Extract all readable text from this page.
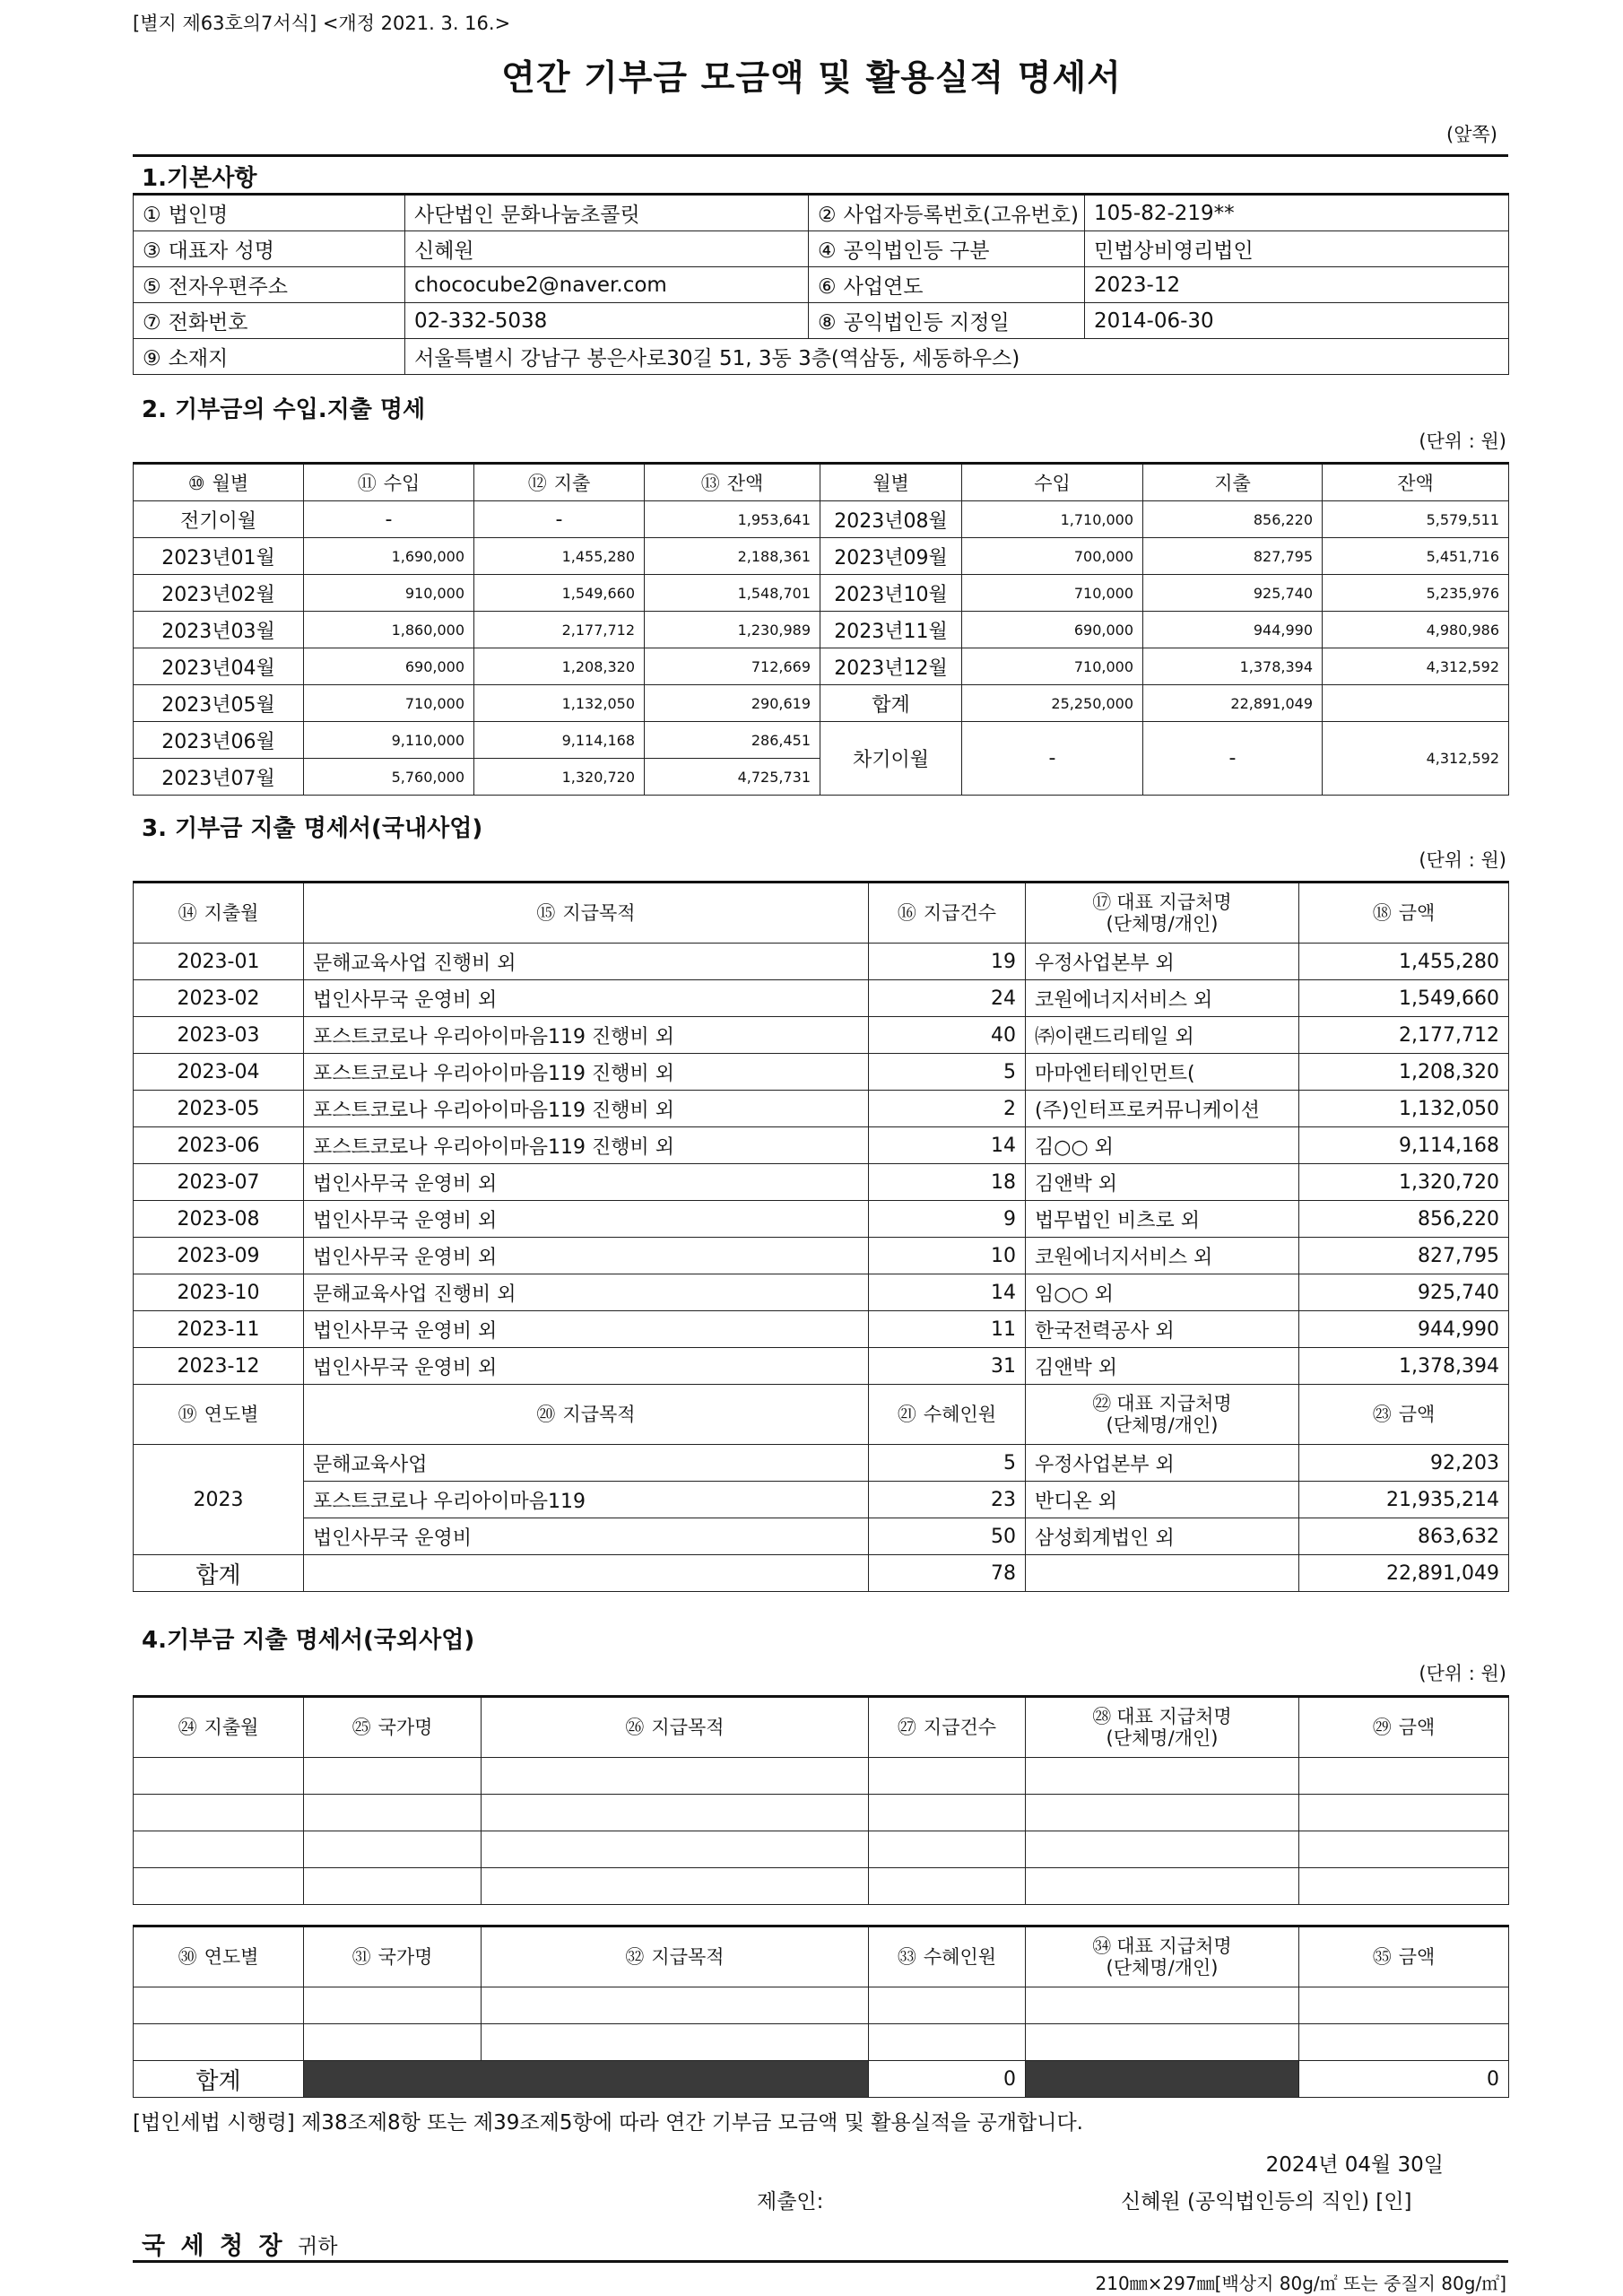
[별지 제63호의7서식] <개정 2021. 3. 16.>
연간 기부금 모금액 및 활용실적 명세서
(앞쪽)
1.기본사항
① 법인명	사단법인 문화나눔초콜릿	② 사업자등록번호(고유번호)	105-82-219**
③ 대표자 성명	신혜원	④ 공익법인등 구분	민법상비영리법인
⑤ 전자우편주소	chococube2@naver.com	⑥ 사업연도	2023-12
⑦ 전화번호	02-332-5038	⑧ 공익법인등 지정일	2014-06-30
⑨ 소재지	서울특별시 강남구 봉은사로30길 51, 3동 3층(역삼동, 세동하우스)		
2. 기부금의 수입.지출 명세
(단위 : 원)
⑩ 월별	⑪ 수입	⑫ 지출	⑬ 잔액	월별	수입	지출	잔액
전기이월	-	-	1,953,641	2023년08월	1,710,000	856,220	5,579,511
2023년01월	1,690,000	1,455,280	2,188,361	2023년09월	700,000	827,795	5,451,716
2023년02월	910,000	1,549,660	1,548,701	2023년10월	710,000	925,740	5,235,976
2023년03월	1,860,000	2,177,712	1,230,989	2023년11월	690,000	944,990	4,980,986
2023년04월	690,000	1,208,320	712,669	2023년12월	710,000	1,378,394	4,312,592
2023년05월	710,000	1,132,050	290,619	합계	25,250,000	22,891,049	
2023년06월	9,110,000	9,114,168	286,451	차기이월	-	-	4,312,592
2023년07월	5,760,000	1,320,720	4,725,731				
3. 기부금 지출 명세서(국내사업)
(단위 : 원)
⑭ 지출월	⑮ 지급목적	⑯ 지급건수	⑰ 대표 지급처명
(단체명/개인)	⑱ 금액
2023-01	문해교육사업 진행비 외	19	우정사업본부 외	1,455,280
2023-02	법인사무국 운영비 외	24	코원에너지서비스 외	1,549,660
2023-03	포스트코로나 우리아이마음119 진행비 외	40	㈜이랜드리테일 외	2,177,712
2023-04	포스트코로나 우리아이마음119 진행비 외	5	마마엔터테인먼트(	1,208,320
2023-05	포스트코로나 우리아이마음119 진행비 외	2	(주)인터프로커뮤니케이션	1,132,050
2023-06	포스트코로나 우리아이마음119 진행비 외	14	김○○ 외	9,114,168
2023-07	법인사무국 운영비 외	18	김앤박 외	1,320,720
2023-08	법인사무국 운영비 외	9	법무법인 비츠로 외	856,220
2023-09	법인사무국 운영비 외	10	코원에너지서비스 외	827,795
2023-10	문해교육사업 진행비 외	14	임○○ 외	925,740
2023-11	법인사무국 운영비 외	11	한국전력공사 외	944,990
2023-12	법인사무국 운영비 외	31	김앤박 외	1,378,394
⑲ 연도별	⑳ 지급목적	㉑ 수혜인원	㉒ 대표 지급처명
(단체명/개인)	㉓ 금액
2023	문해교육사업	5	우정사업본부 외	92,203
	포스트코로나 우리아이마음119	23	반디온 외	21,935,214
	법인사무국 운영비	50	삼성회계법인 외	863,632
합계		78		22,891,049
4.기부금 지출 명세서(국외사업)
(단위 : 원)
㉔ 지출월	㉕ 국가명	㉖ 지급목적	㉗ 지급건수	㉘ 대표 지급처명
(단체명/개인)	㉙ 금액

㉚ 연도별	㉛ 국가명	㉜ 지급목적	㉝ 수혜인원	㉞ 대표 지급처명
(단체명/개인)	㉟ 금액

합계			0		0
[법인세법 시행령] 제38조제8항 또는 제39조제5항에 따라 연간 기부금 모금액 및 활용실적을 공개합니다.
2024년 04월 30일
제출인:	신혜원 (공익법인등의 직인) [인]
국 세 청 장 귀하
210㎜×297㎜[백상지 80g/㎡ 또는 중질지 80g/㎡]
